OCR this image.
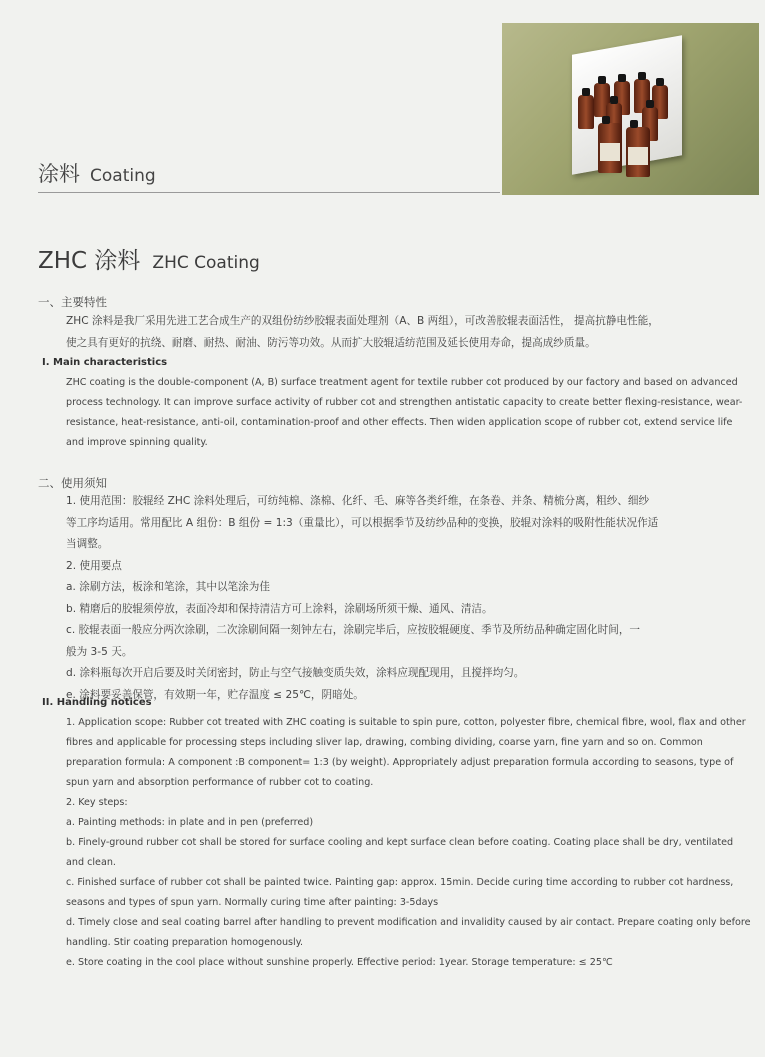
涂料 Coating
ZHC 涂料 ZHC Coating
一、主要特性
ZHC 涂料是我厂采用先进工艺合成生产的双组份纺纱胶辊表面处理剂（A、B 两组），可改善胶辊表面活性， 提高抗静电性能，
使之具有更好的抗绕、耐磨、耐热、耐油、防污等功效。从而扩大胶辊适纺范围及延长使用寿命，提高成纱质量。
I. Main characteristics
ZHC coating is the double-component (A, B) surface treatment agent for textile rubber cot produced by our factory and based on advanced
process technology. It can improve surface activity of rubber cot and strengthen antistatic capacity to create better flexing-resistance, wear-
resistance, heat-resistance, anti-oil, contamination-proof and other effects. Then widen application scope of rubber cot, extend service life
and improve spinning quality.
二、使用须知
1. 使用范围：胶辊经 ZHC 涂料处理后，可纺纯棉、涤棉、化纤、毛、麻等各类纤维，在条卷、并条、精梳分离，粗纱、细纱
等工序均适用。常用配比 A 组份：B 组份 = 1:3（重量比），可以根据季节及纺纱品种的变换，胶辊对涂料的吸附性能状况作适
当调整。
2. 使用要点
a. 涂刷方法，板涂和笔涂，其中以笔涂为佳
b. 精磨后的胶辊须停放，表面冷却和保持清洁方可上涂料，涂刷场所须干燥、通风、清洁。
c. 胶辊表面一般应分两次涂刷，二次涂刷间隔一刻钟左右，涂刷完毕后，应按胶辊硬度、季节及所纺品种确定固化时间，一
般为 3-5 天。
d. 涂料瓶每次开启后要及时关闭密封，防止与空气接触变质失效，涂料应现配现用，且搅拌均匀。
e. 涂料要妥善保管，有效期一年，贮存温度 ≤ 25℃，阴暗处。
II. Handling notices
1. Application scope: Rubber cot treated with ZHC coating is suitable to spin pure, cotton, polyester fibre, chemical fibre, wool, flax and other
fibres and applicable for processing steps including sliver lap, drawing, combing dividing, coarse yarn, fine yarn and so on. Common
preparation formula: A component :B component= 1:3 (by weight). Appropriately adjust preparation formula according to seasons, type of
spun yarn and absorption performance of rubber cot to coating.
2. Key steps:
a. Painting methods: in plate and in pen (preferred)
b. Finely-ground rubber cot shall be stored for surface cooling and kept surface clean before coating. Coating place shall be dry, ventilated
and clean.
c. Finished surface of rubber cot shall be painted twice. Painting gap: approx. 15min. Decide curing time according to rubber cot hardness,
seasons and types of spun yarn. Normally curing time after painting: 3-5days
d. Timely close and seal coating barrel after handling to prevent modification and invalidity caused by air contact. Prepare coating only before
handling. Stir coating preparation homogenously.
e. Store coating in the cool place without sunshine properly. Effective period: 1year. Storage temperature: ≤ 25℃
